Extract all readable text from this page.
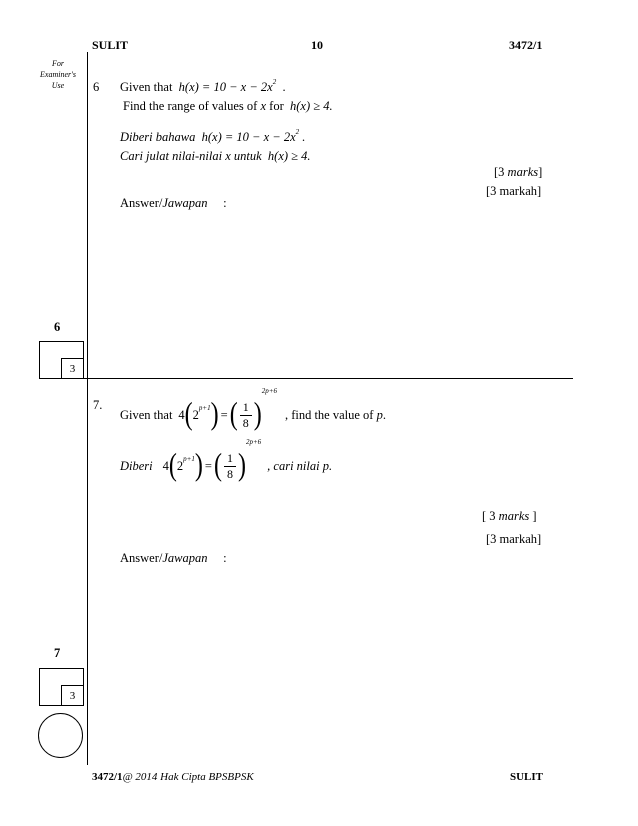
SULIT	10	3472/1
For
Examiner's
Use	6 Given that $h(x) = 10 - x - 2x^2$ .
Find the range of values of x for h(x) ≥ 4.
Diberi bahawa $h(x) = 10 - x - 2x^2$ .
Cari julat nilai-nilai x untuk h(x) ≥ 4.
[3 marks]
[3 markah]
Answer/Jawapan :
6
3
7.
Given that 4 ( 2 p+1 ) = ( $\frac{1}{8}$ )
2p+6
, find the value of
p .
Diberi 4 ( 2 p+1 ) = ( $\frac{1}{8}$ )
2p+6
, cari nilai p.
[ 3 marks ]
[3 markah]
Answer/Jawapan :
7
3
3472/1@ 2014 Hak Cipta BPSBPSK	SULIT
